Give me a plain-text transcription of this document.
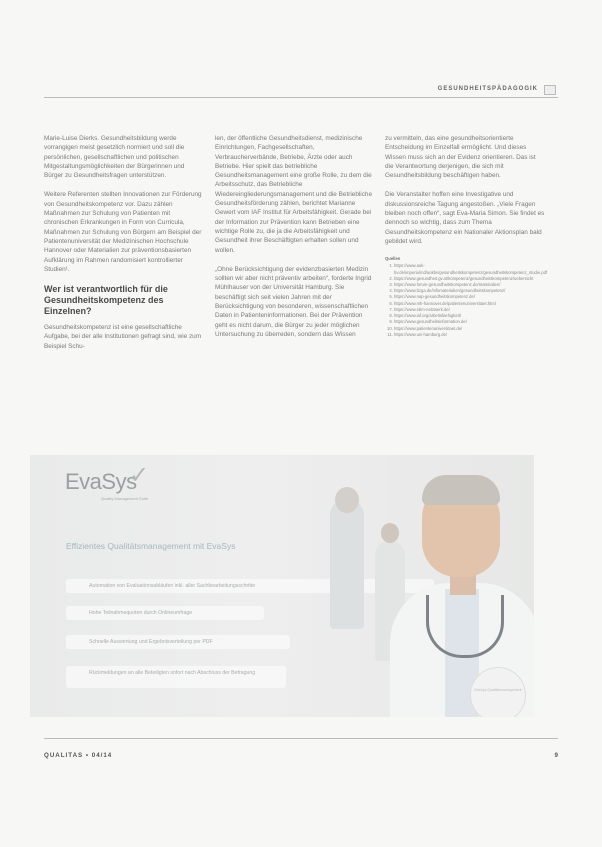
GESUNDHEITSPÄDAGOGIK

Marie-Luise Dierks. Gesundheitsbildung werde vorrangigen meist gesetzlich normiert und soll die persönlichen, gesellschaftlichen und politischen Mitgestaltungsmöglichkeiten der Bürgerinnen und Bürger zu Gesundheitsfragen unterstützen.

Weitere Referenten stellten Innovationen zur Förderung von Gesundheitskompetenz vor. Dazu zählen Maßnahmen zur Schulung von Patienten mit chronischen Erkrankungen in Form von Curricula, Maßnahmen zur Schulung von Bürgern am Beispiel der Patientenuniversität der Medizinischen Hochschule Hannover oder Materialien zur präventionsbasierten Aufklärung im Rahmen randomisiert kontrollierter Studien¹.

Wer ist verantwortlich für die Gesundheitskompetenz des Einzelnen?

Gesundheitskompetenz ist eine gesellschaftliche Aufgabe, bei der alle Institutionen gefragt sind, wie zum Beispiel Schu-

len, der öffentliche Gesundheitsdienst, medizinische Einrichtungen, Fachgesellschaften, Verbraucherverbände, Betriebe, Ärzte oder auch Betriebe. Hier spielt das betriebliche Gesundheitsmanagement eine große Rolle, zu dem die Arbeitsschutz, das Betriebliche Wiedereingliederungsmanagement und die Betriebliche Gesundheitsförderung zählen, berichtet Marianne Gewert vom IAF Institut für Arbeitsfähigkeit. Gerade bei der Information zur Prävention kann Betrieben eine wichtige Rolle zu, die ja die Arbeitsfähigkeit und Gesundheit ihrer Beschäftigten erhalten sollen und wollen.

„Ohne Berücksichtigung der evidenzbasierten Medizin sollten wir aber nicht präventiv arbeiten“, forderte Ingrid Mühlhauser von der Universität Hamburg. Sie beschäftigt sich seit vielen Jahren mit der Berücksichtigung von besonderen, wissenschaftlichen Daten in Patienteninformationen. Bei der Prävention geht es nicht darum, die Bürger zu jeder möglichen Untersuchung zu überreden, sondern das Wissen

zu vermitteln, das eine gesundheitsorientierte Entscheidung im Einzelfall ermöglicht. Und dieses Wissen muss sich an der Evidenz orientieren. Das ist die Verantwortung derjenigen, die sich mit Gesundheitsbildung beschäftigen haben.

Die Veranstalter hoffen eine Investigative und diskussionsreiche Tagung angestoßen. „Viele Fragen bleiben noch offen“, sagt Eva-Maria Simon. Sie findet es dennoch so wichtig, dass zum Thema Gesundheitskompetenz ein Nationaler Aktionsplan bald gebildet wird.

Quellen
1. https://www.aok-bv.de/imperia/md/aokbv/gesundheitskompetenz/gesundheitskompetenz_studie.pdf
2. https://www.gesundheit.gv.at/kompetenz/gesundheitskompetenz/uebersicht
3. https://www.forum-gesundheitskompetenz.de/materialien/
4. https://www.bzga.de/infomaterialien/gesundheitskompetenz/
5. https://www.nap-gesundheitskompetenz.de/
6. https://www.mh-hannover.de/patientenuniversitaet.html
7. https://www.ebm-netzwerk.de/
8. https://www.iaf.org/arbeitsfaehigkeit/
9. https://www.gesundheitsinformation.de/
10. https://www.patientenuniversitaet.de/
11. https://www.uni-hamburg.de/
EvaSys
✓
Quality Management Suite
Effizientes Qualitätsmanagement mit EvaSys
Automation von Evaluationsabläufen inkl. aller Sachbearbeitungsschritte
Hohe Teilnahmequoten durch Onlineumfrage
Schnelle Auswertung und Ergebnisverteilung per PDF
Rückmeldungen an alle Beteiligten sofort nach Abschluss der Befragung
EvaSys Qualitätsmanagement
QUALITAS • 04/14	9
